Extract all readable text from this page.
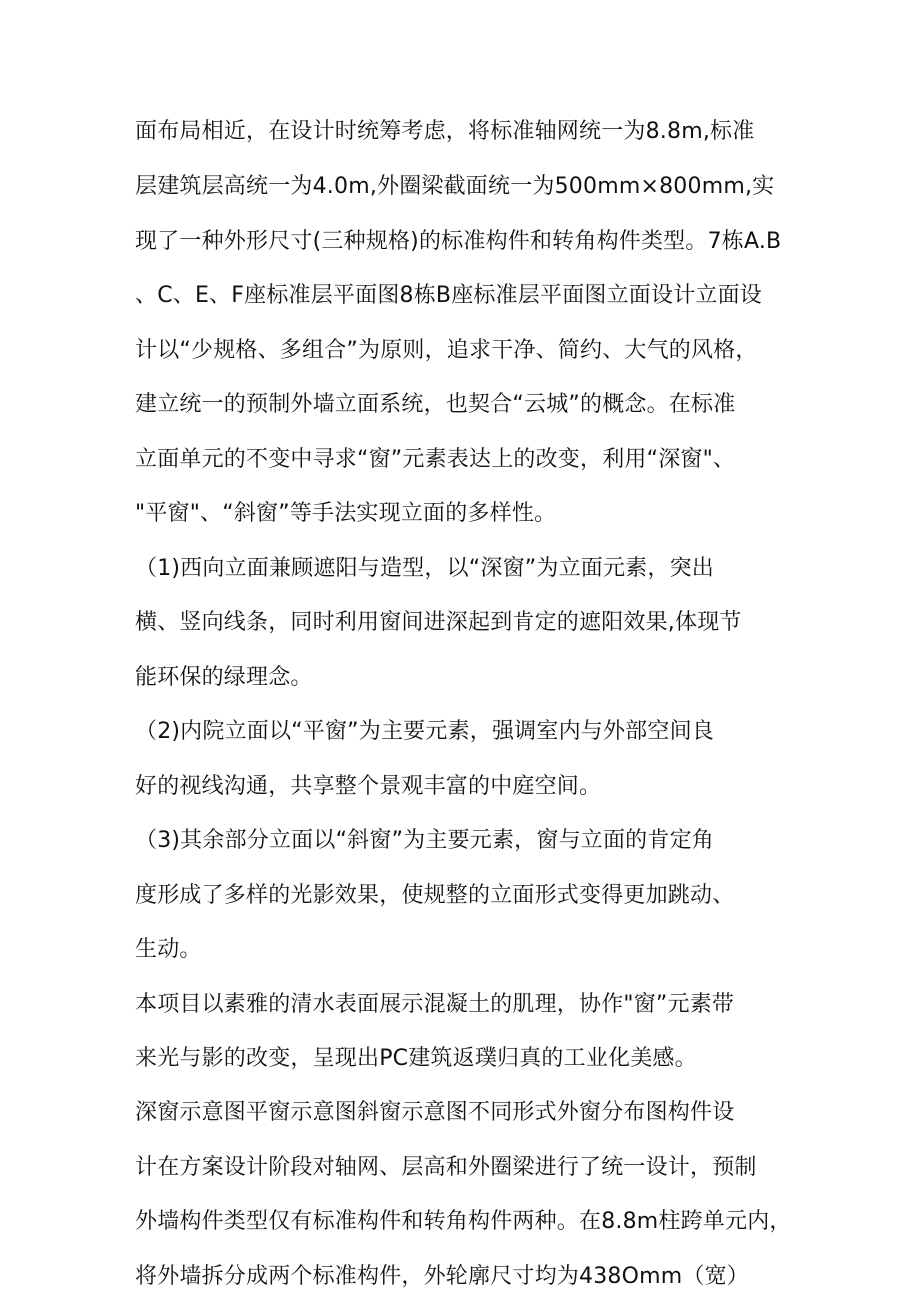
面布局相近，在设计时统筹考虑，将标准轴网统一为8.8m,标准
层建筑层高统一为4.0m,外圈梁截面统一为500mm×800mm,实
现了一种外形尺寸(三种规格)的标准构件和转角构件类型。7栋A.B
、C、E、F座标准层平面图8栋B座标准层平面图立面设计立面设
计以“少规格、多组合”为原则，追求干净、简约、大气的风格，
建立统一的预制外墙立面系统，也契合“云城”的概念。在标准
立面单元的不变中寻求“窗”元素表达上的改变，利用“深窗"、
"平窗"、“斜窗”等手法实现立面的多样性。
（1)西向立面兼顾遮阳与造型，以“深窗”为立面元素，突出
横、竖向线条，同时利用窗间进深起到肯定的遮阳效果,体现节
能环保的绿理念。
（2)内院立面以“平窗”为主要元素，强调室内与外部空间良
好的视线沟通，共享整个景观丰富的中庭空间。
（3)其余部分立面以“斜窗”为主要元素，窗与立面的肯定角
度形成了多样的光影效果，使规整的立面形式变得更加跳动、
生动。
本项目以素雅的清水表面展示混凝土的肌理，协作"窗”元素带
来光与影的改变，呈现出PC建筑返璞归真的工业化美感。
深窗示意图平窗示意图斜窗示意图不同形式外窗分布图构件设
计在方案设计阶段对轴网、层高和外圈梁进行了统一设计，预制
外墙构件类型仅有标准构件和转角构件两种。在8.8m柱跨单元内，
将外墙拆分成两个标准构件，外轮廓尺寸均为438Omm（宽）
